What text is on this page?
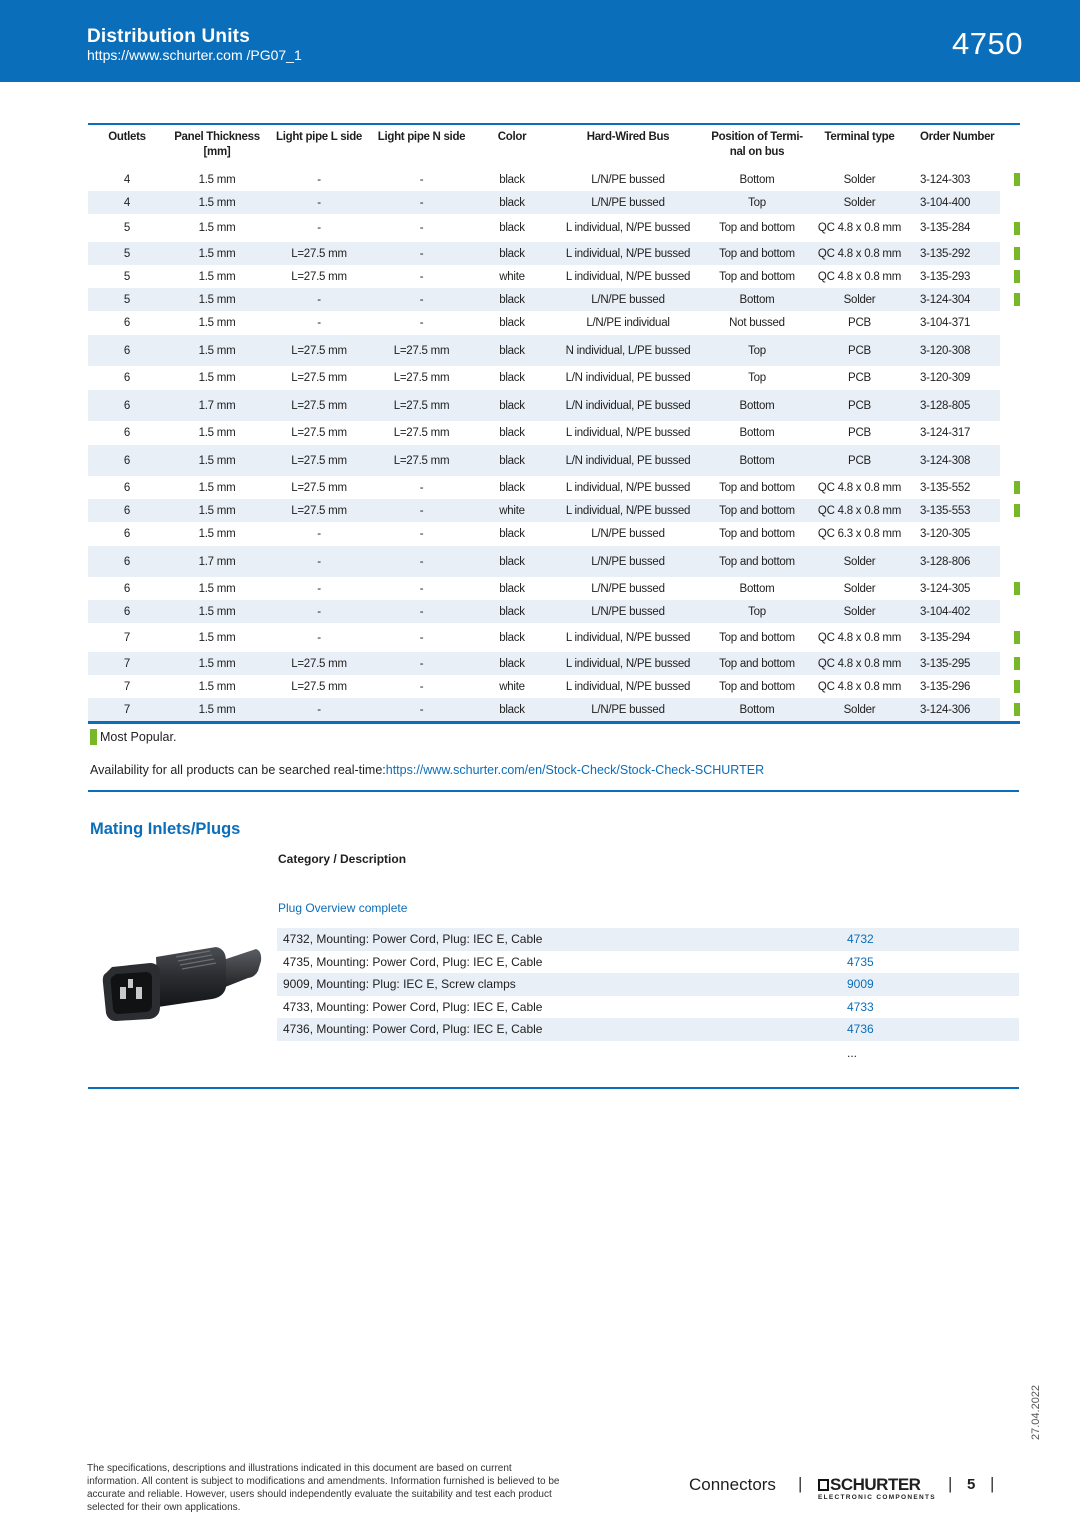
Distribution Units
https://www.schurter.com /PG07_1	4750
Outlets	Panel Thickness [mm]	Light pipe L side	Light pipe N side	Color	Hard-Wired Bus	Position of Termi-nal on bus	Terminal type	Order Number	
4	1.5 mm	-	-	black	L/N/PE bussed	Bottom	Solder	3-124-303	
4	1.5 mm	-	-	black	L/N/PE bussed	Top	Solder	3-104-400	
5	1.5 mm	-	-	black	L individual, N/PE bussed	Top and bottom	QC 4.8 x 0.8 mm	3-135-284	
5	1.5 mm	L=27.5 mm	-	black	L individual, N/PE bussed	Top and bottom	QC 4.8 x 0.8 mm	3-135-292	
5	1.5 mm	L=27.5 mm	-	white	L individual, N/PE bussed	Top and bottom	QC 4.8 x 0.8 mm	3-135-293	
5	1.5 mm	-	-	black	L/N/PE bussed	Bottom	Solder	3-124-304	
6	1.5 mm	-	-	black	L/N/PE individual	Not bussed	PCB	3-104-371	
6	1.5 mm	L=27.5 mm	L=27.5 mm	black	N individual, L/PE bussed	Top	PCB	3-120-308	
6	1.5 mm	L=27.5 mm	L=27.5 mm	black	L/N individual, PE bussed	Top	PCB	3-120-309	
6	1.7 mm	L=27.5 mm	L=27.5 mm	black	L/N individual, PE bussed	Bottom	PCB	3-128-805	
6	1.5 mm	L=27.5 mm	L=27.5 mm	black	L individual, N/PE bussed	Bottom	PCB	3-124-317	
6	1.5 mm	L=27.5 mm	L=27.5 mm	black	L/N individual, PE bussed	Bottom	PCB	3-124-308	
6	1.5 mm	L=27.5 mm	-	black	L individual, N/PE bussed	Top and bottom	QC 4.8 x 0.8 mm	3-135-552	
6	1.5 mm	L=27.5 mm	-	white	L individual, N/PE bussed	Top and bottom	QC 4.8 x 0.8 mm	3-135-553	
6	1.5 mm	-	-	black	L/N/PE bussed	Top and bottom	QC 6.3 x 0.8 mm	3-120-305	
6	1.7 mm	-	-	black	L/N/PE bussed	Top and bottom	Solder	3-128-806	
6	1.5 mm	-	-	black	L/N/PE bussed	Bottom	Solder	3-124-305	
6	1.5 mm	-	-	black	L/N/PE bussed	Top	Solder	3-104-402	
7	1.5 mm	-	-	black	L individual, N/PE bussed	Top and bottom	QC 4.8 x 0.8 mm	3-135-294	
7	1.5 mm	L=27.5 mm	-	black	L individual, N/PE bussed	Top and bottom	QC 4.8 x 0.8 mm	3-135-295	
7	1.5 mm	L=27.5 mm	-	white	L individual, N/PE bussed	Top and bottom	QC 4.8 x 0.8 mm	3-135-296	
7	1.5 mm	-	-	black	L/N/PE bussed	Bottom	Solder	3-124-306	
Most Popular.
Availability for all products can be searched real-time:https://www.schurter.com/en/Stock-Check/Stock-Check-SCHURTER
Mating Inlets/Plugs
Category / Description
Plug Overview complete
4732, Mounting: Power Cord, Plug: IEC E, Cable	4732
4735, Mounting: Power Cord, Plug: IEC E, Cable	4735
9009, Mounting: Plug: IEC E, Screw clamps	9009
4733, Mounting: Power Cord, Plug: IEC E, Cable	4733
4736, Mounting: Power Cord, Plug: IEC E, Cable	4736
...
27.04.2022
The specifications, descriptions and illustrations indicated in this document are based on current information. All content is subject to modifications and amendments. Information furnished is believed to be accurate and reliable. However, users should independently evaluate the suitability and test each product selected for their own applications.
Connectors |	SCHURTER
ELECTRONIC COMPONENTS
| 5 |
